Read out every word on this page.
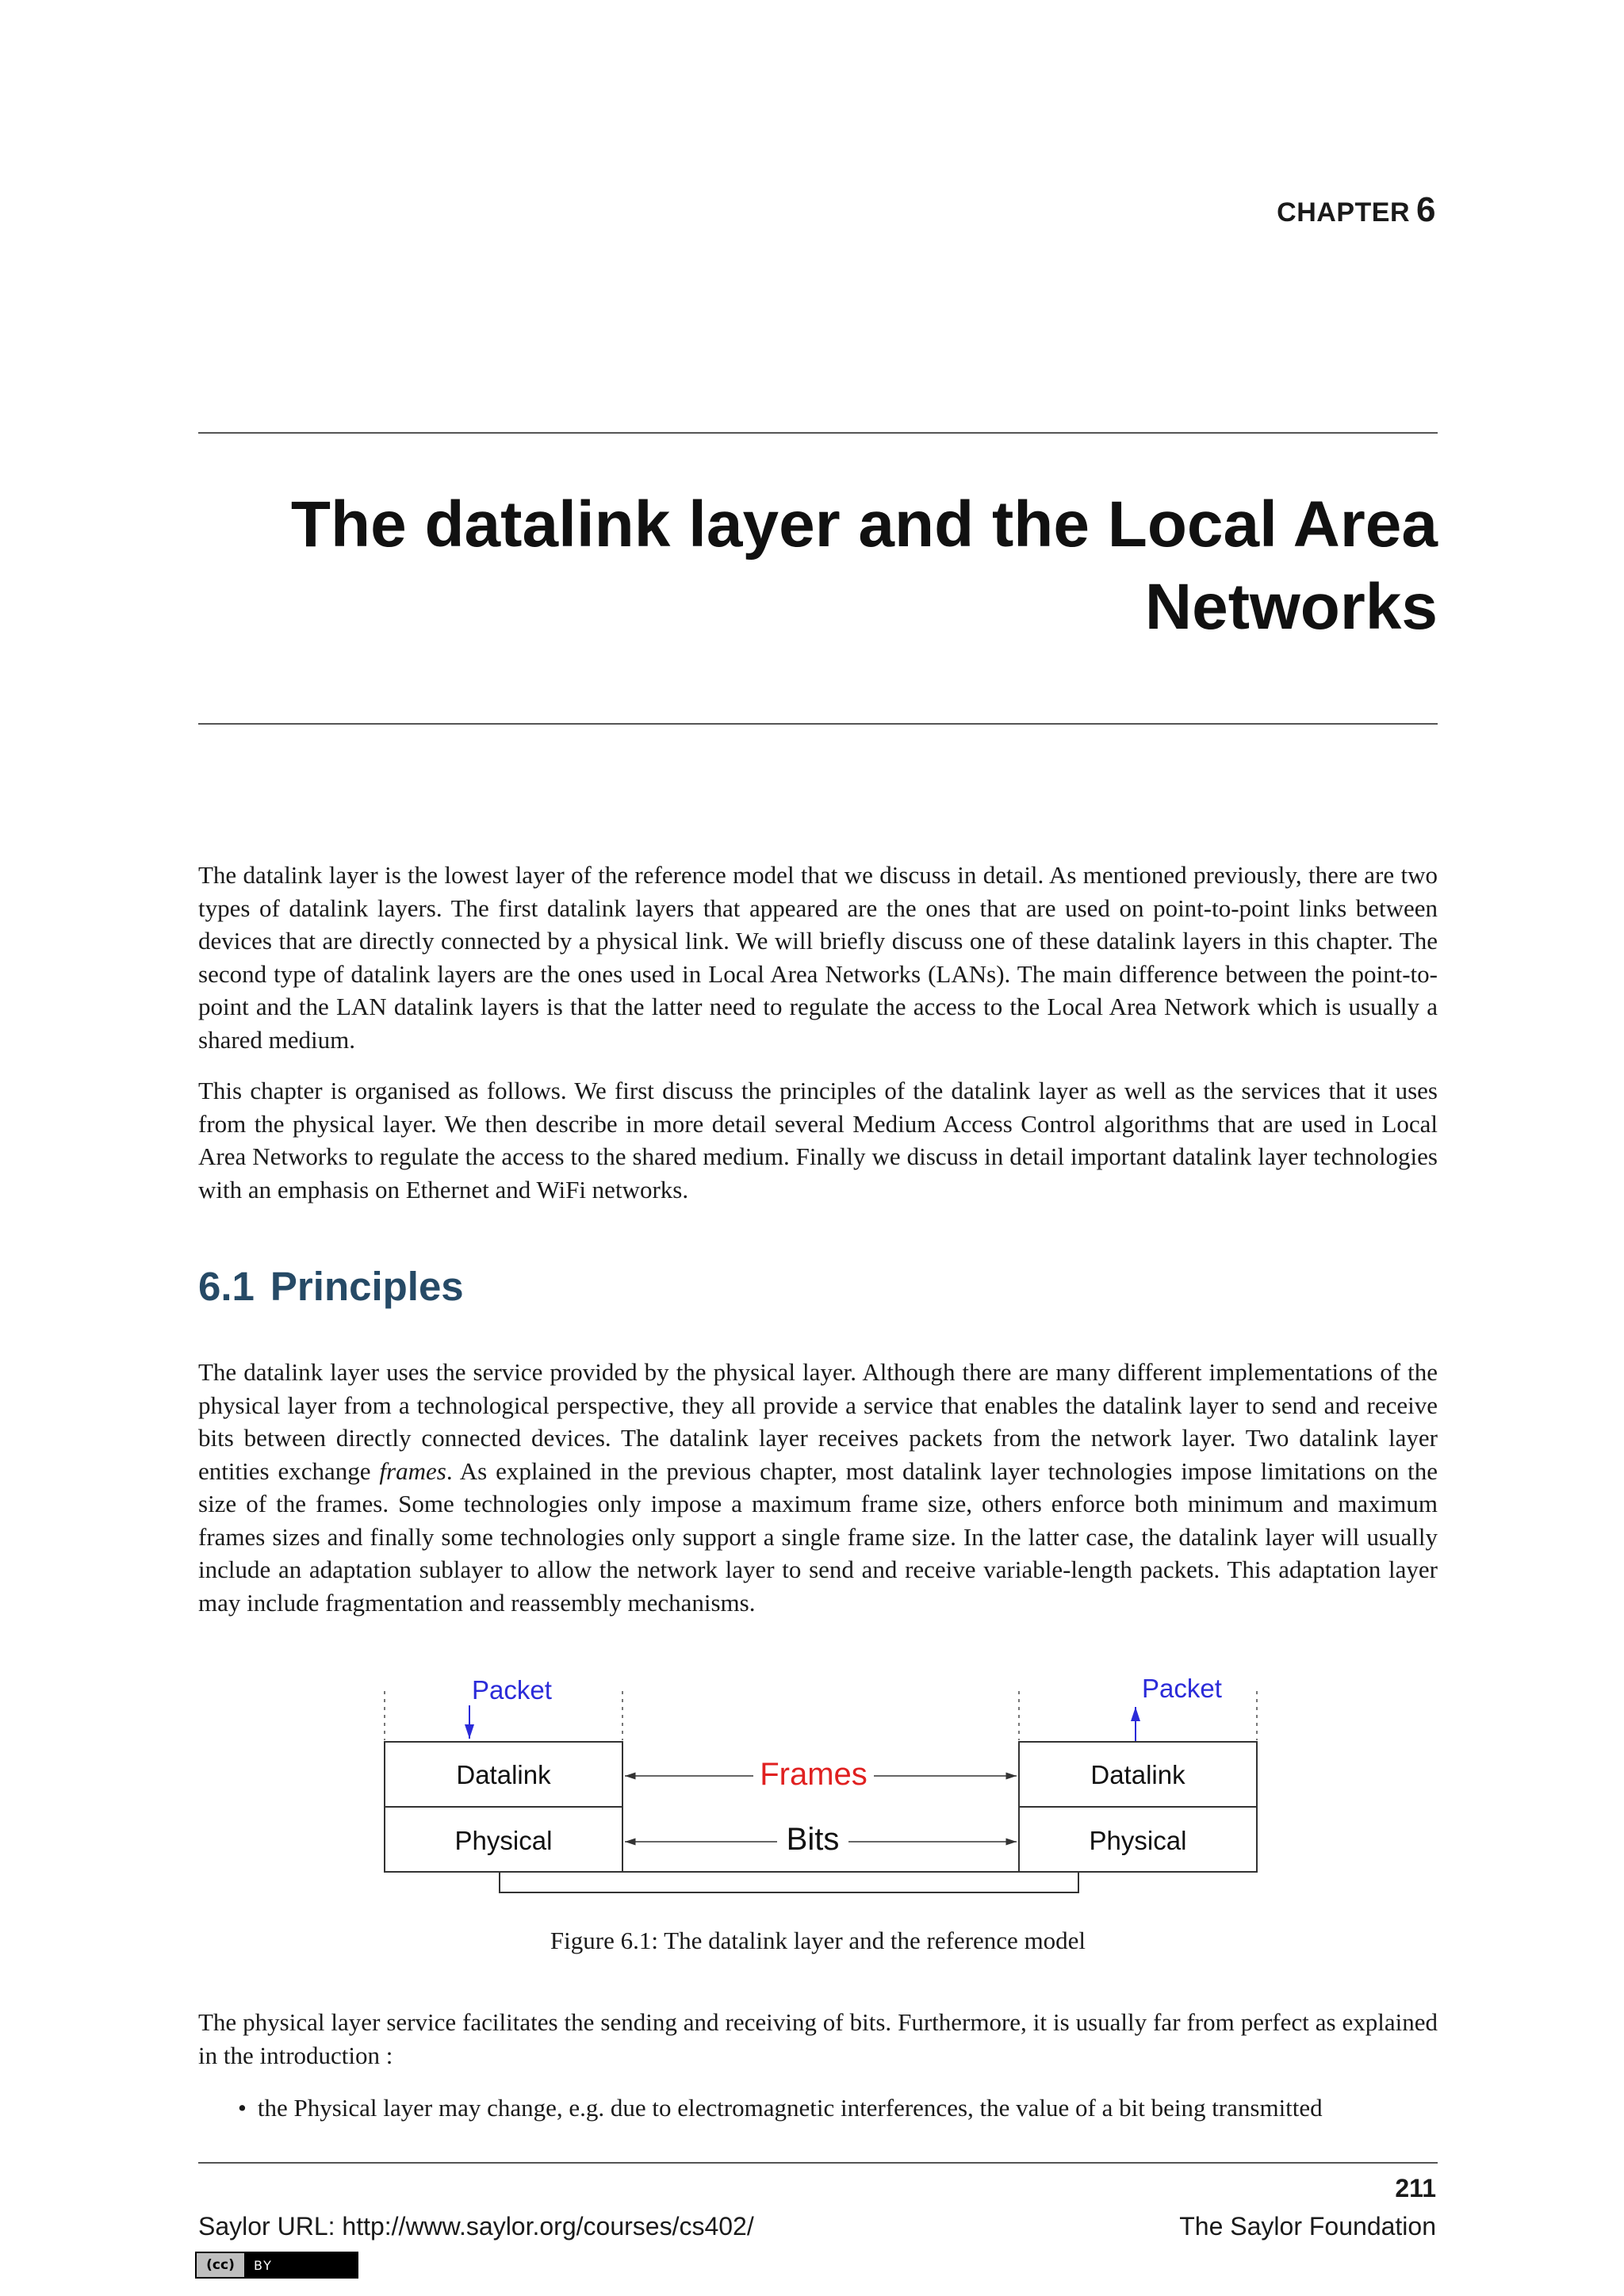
CHAPTER 6
The datalink layer and the Local Area
Networks

The datalink layer is the lowest layer of the reference model that we discuss in detail. As mentioned previously, there are two types of datalink layers. The first datalink layers that appeared are the ones that are used on point-to-point links between devices that are directly connected by a physical link. We will briefly discuss one of these datalink layers in this chapter. The second type of datalink layers are the ones used in Local Area Networks (LANs). The main difference between the point-to-point and the LAN datalink layers is that the latter need to regulate the access to the Local Area Network which is usually a shared medium.

This chapter is organised as follows. We first discuss the principles of the datalink layer as well as the services that it uses from the physical layer. We then describe in more detail several Medium Access Control algorithms that are used in Local Area Networks to regulate the access to the shared medium. Finally we discuss in detail important datalink layer technologies with an emphasis on Ethernet and WiFi networks.

6.1 Principles

The datalink layer uses the service provided by the physical layer. Although there are many different implementations of the physical layer from a technological perspective, they all provide a service that enables the datalink layer to send and receive bits between directly connected devices. The datalink layer receives packets from the network layer. Two datalink layer entities exchange frames. As explained in the previous chapter, most datalink layer technologies impose limitations on the size of the frames. Some technologies only impose a maximum frame size, others enforce both minimum and maximum frames sizes and finally some technologies only support a single frame size. In the latter case, the datalink layer will usually include an adaptation sublayer to allow the network layer to send and receive variable-length packets. This adaptation layer may include fragmentation and reassembly mechanisms.

Packet	Packet
Datalink
Physical
Datalink
Physical
Frames
Bits
Figure 6.1: The datalink layer and the reference model

The physical layer service facilitates the sending and receiving of bits. Furthermore, it is usually far from perfect as explained in the introduction :

• the Physical layer may change, e.g. due to electromagnetic interferences, the value of a bit being transmitted
211
Saylor URL: http://www.saylor.org/courses/cs402/	The Saylor Foundation
(cc)	BY
